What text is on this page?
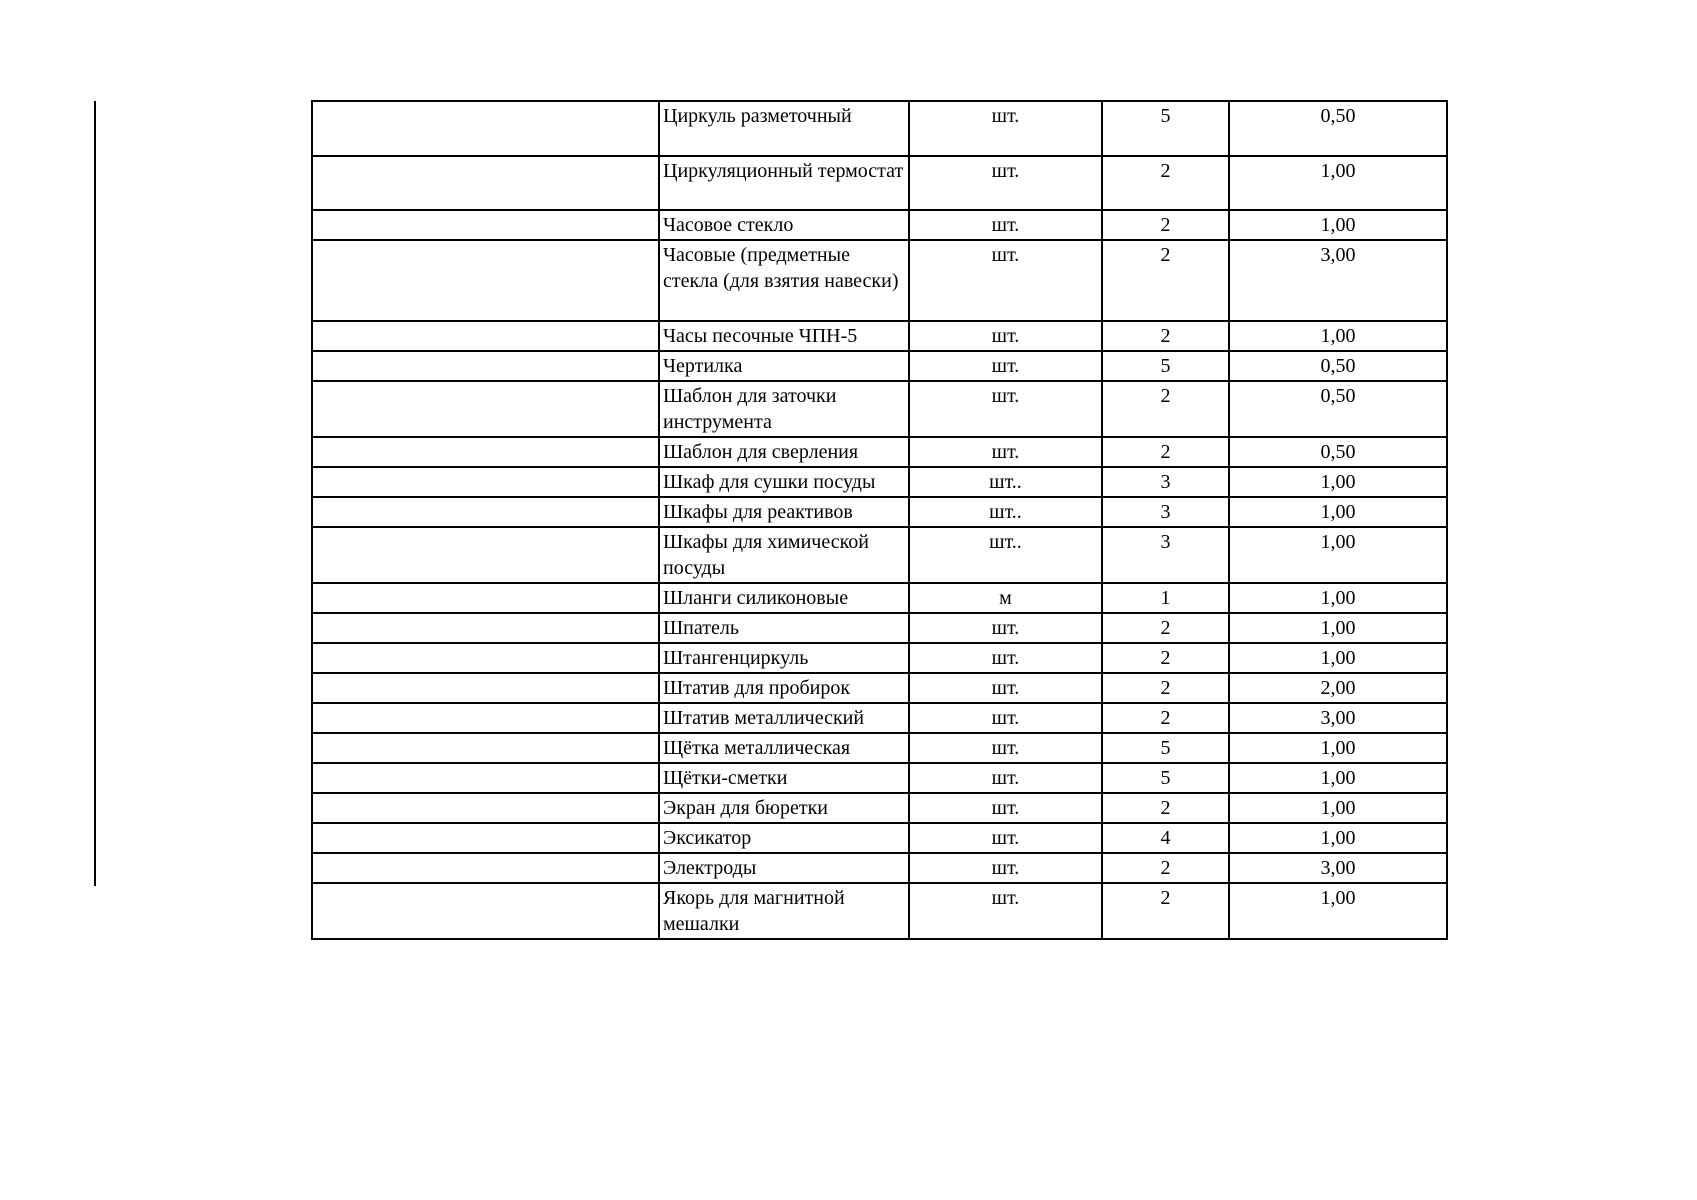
	Циркуль разметочный	шт.	5	0,50
	Циркуляционный термостат	шт.	2	1,00
	Часовое стекло	шт.	2	1,00
	Часовые (предметные стекла (для взятия навески)	шт.	2	3,00
	Часы песочные ЧПН-5	шт.	2	1,00
	Чертилка	шт.	5	0,50
	Шаблон для заточки инструмента	шт.	2	0,50
	Шаблон для сверления	шт.	2	0,50
	Шкаф для сушки посуды	шт..	3	1,00
	Шкафы для реактивов	шт..	3	1,00
	Шкафы для химической посуды	шт..	3	1,00
	Шланги силиконовые	м	1	1,00
	Шпатель	шт.	2	1,00
	Штангенциркуль	шт.	2	1,00
	Штатив для пробирок	шт.	2	2,00
	Штатив металлический	шт.	2	3,00
	Щётка металлическая	шт.	5	1,00
	Щётки-сметки	шт.	5	1,00
	Экран для бюретки	шт.	2	1,00
	Эксикатор	шт.	4	1,00
	Электроды	шт.	2	3,00
	Якорь для магнитной мешалки	шт.	2	1,00
